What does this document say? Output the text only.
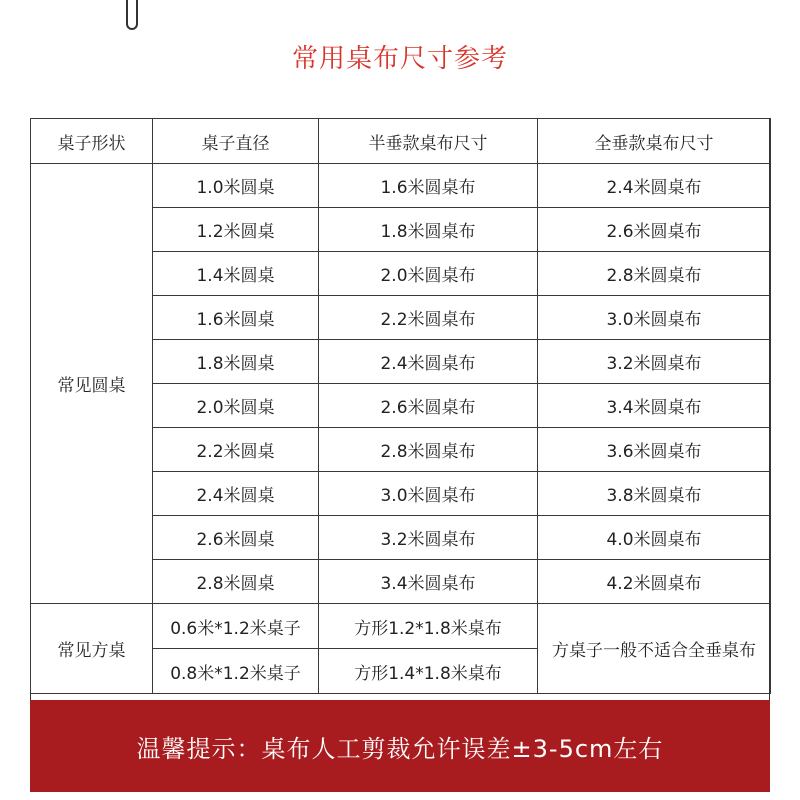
常用桌布尺寸参考
桌子形状	桌子直径	半垂款桌布尺寸	全垂款桌布尺寸
常见圆桌	1.0米圆桌	1.6米圆桌布	2.4米圆桌布
	1.2米圆桌	1.8米圆桌布	2.6米圆桌布
	1.4米圆桌	2.0米圆桌布	2.8米圆桌布
	1.6米圆桌	2.2米圆桌布	3.0米圆桌布
	1.8米圆桌	2.4米圆桌布	3.2米圆桌布
	2.0米圆桌	2.6米圆桌布	3.4米圆桌布
	2.2米圆桌	2.8米圆桌布	3.6米圆桌布
	2.4米圆桌	3.0米圆桌布	3.8米圆桌布
	2.6米圆桌	3.2米圆桌布	4.0米圆桌布
	2.8米圆桌	3.4米圆桌布	4.2米圆桌布
常见方桌	0.6米*1.2米桌子	方形1.2*1.8米桌布	方桌子一般不适合全垂桌布
	0.8米*1.2米桌子	方形1.4*1.8米桌布	
温馨提示：桌布人工剪裁允许误差±3-5cm左右
